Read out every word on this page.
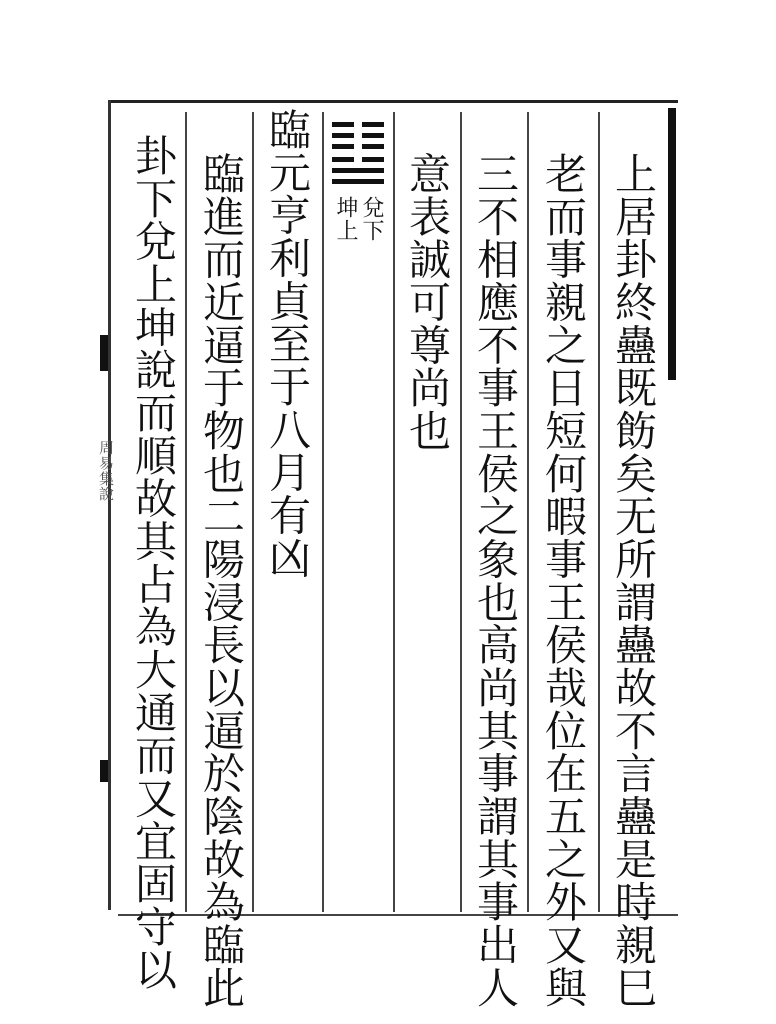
周易集說	上居卦終蠱既飭矣无所謂蠱故不言蠱是時親巳
老而事親之日短何暇事王侯哉位在五之外又與
三不相應不事王侯之象也高尚其事謂其事出人
意表誠可尊尚也
兌下
坤上
臨元亨利貞至于八月有凶
臨進而近逼于物也二陽浸長以逼於陰故為臨此
卦下兌上坤說而順故其占為大通而又宜固守以
